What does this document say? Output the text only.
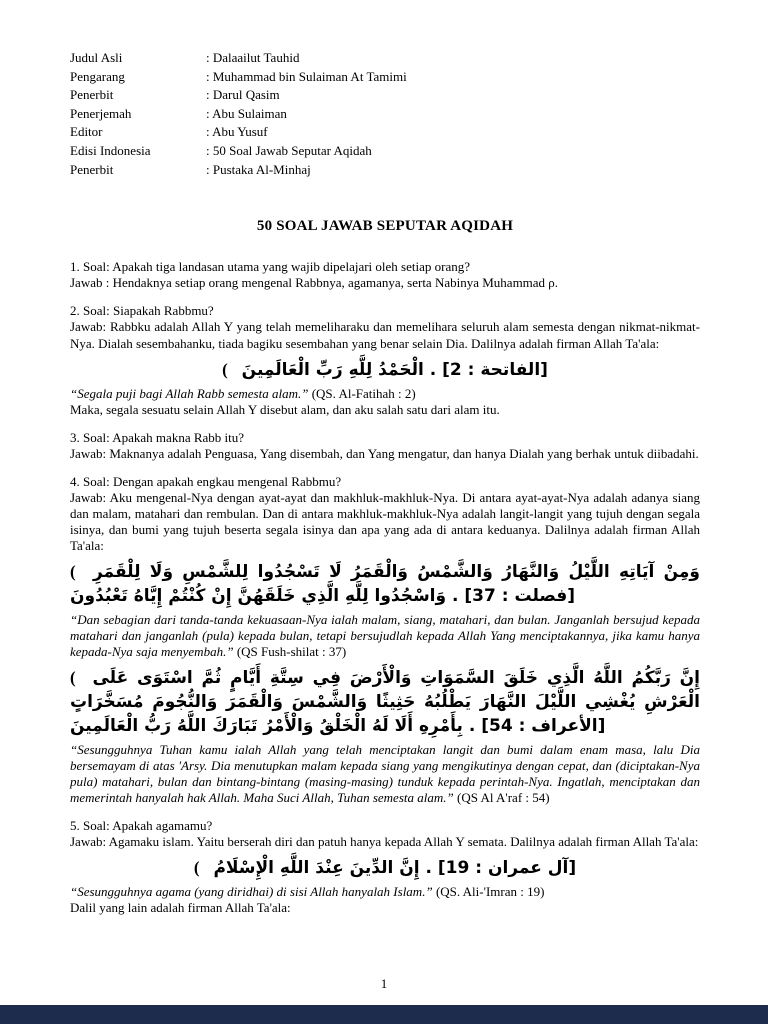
Judul Asli	: Dalaailut Tauhid
Pengarang	: Muhammad bin Sulaiman At Tamimi
Penerbit	: Darul Qasim
Penerjemah	: Abu Sulaiman
Editor	: Abu Yusuf
Edisi Indonesia	: 50 Soal Jawab Seputar Aqidah
Penerbit	: Pustaka Al-Minhaj
50 SOAL JAWAB SEPUTAR AQIDAH
1. Soal: Apakah tiga landasan utama yang wajib dipelajari oleh setiap orang?
Jawab : Hendaknya setiap orang mengenal Rabbnya, agamanya, serta Nabinya Muhammad ρ.
2. Soal: Siapakah Rabbmu?
Jawab: Rabbku adalah Allah Y yang telah memeliharaku dan memelihara seluruh alam semesta dengan nikmat-nikmat-Nya. Dialah sesembahanku, tiada bagiku sesembahan yang benar selain Dia. Dalilnya adalah firman Allah Ta'ala:
( الْحَمْدُ لِلَّهِ رَبِّ الْعَالَمِينَ . [الفاتحة : 2]
“Segala puji bagi Allah Rabb semesta alam.” (QS. Al-Fatihah : 2)
Maka, segala sesuatu selain Allah Y disebut alam, dan aku salah satu dari alam itu.
3. Soal: Apakah makna Rabb itu?
Jawab: Maknanya adalah Penguasa, Yang disembah, dan Yang mengatur, dan hanya Dialah yang berhak untuk diibadahi.
4. Soal: Dengan apakah engkau mengenal Rabbmu?
Jawab: Aku mengenal-Nya dengan ayat-ayat dan makhluk-makhluk-Nya. Di antara ayat-ayat-Nya adalah adanya siang dan malam, matahari dan rembulan. Dan di antara makhluk-makhluk-Nya adalah langit-langit yang tujuh dengan segala isinya, dan bumi yang tujuh beserta segala isinya dan apa yang ada di antara keduanya. Dalilnya adalah firman Allah Ta'ala:
( وَمِنْ آيَاتِهِ اللَّيْلُ وَالنَّهَارُ وَالشَّمْسُ وَالْقَمَرُ لَا تَسْجُدُوا لِلشَّمْسِ وَلَا لِلْقَمَرِ وَاسْجُدُوا لِلَّهِ الَّذِي خَلَقَهُنَّ إِنْ كُنْتُمْ إِيَّاهُ تَعْبُدُونَ . [فصلت : 37]
“Dan sebagian dari tanda-tanda kekuasaan-Nya ialah malam, siang, matahari, dan bulan. Janganlah bersujud kepada matahari dan janganlah (pula) kepada bulan, tetapi bersujudlah kepada Allah Yang menciptakannya, jika kamu hanya kepada-Nya saja menyembah.” (QS Fush-shilat : 37)
( إِنَّ رَبَّكُمُ اللَّهُ الَّذِي خَلَقَ السَّمَوَاتِ وَالْأَرْضَ فِي سِتَّةِ أَيَّامٍ ثُمَّ اسْتَوَى عَلَى الْعَرْشِ يُغْشِي اللَّيْلَ النَّهَارَ يَطْلُبُهُ حَثِيثًا وَالشَّمْسَ وَالْقَمَرَ وَالنُّجُومَ مُسَخَّرَاتٍ بِأَمْرِهِ أَلَا لَهُ الْخَلْقُ وَالْأَمْرُ تَبَارَكَ اللَّهُ رَبُّ الْعَالَمِينَ . [الأعراف : 54]
“Sesungguhnya Tuhan kamu ialah Allah yang telah menciptakan langit dan bumi dalam enam masa, lalu Dia bersemayam di atas 'Arsy. Dia menutupkan malam kepada siang yang mengikutinya dengan cepat, dan (diciptakan-Nya pula) matahari, bulan dan bintang-bintang (masing-masing) tunduk kepada perintah-Nya. Ingatlah, menciptakan dan memerintah hanyalah hak Allah. Maha Suci Allah, Tuhan semesta alam.” (QS Al A'raf : 54)
5. Soal: Apakah agamamu?
Jawab: Agamaku islam. Yaitu berserah diri dan patuh hanya kepada Allah Y semata. Dalilnya adalah firman Allah Ta'ala:
( إِنَّ الدِّينَ عِنْدَ اللَّهِ الْإِسْلَامُ . [آل عمران : 19]
“Sesungguhnya agama (yang diridhai) di sisi Allah hanyalah Islam.” (QS. Ali-'Imran : 19)
Dalil yang lain adalah firman Allah Ta'ala:
1
